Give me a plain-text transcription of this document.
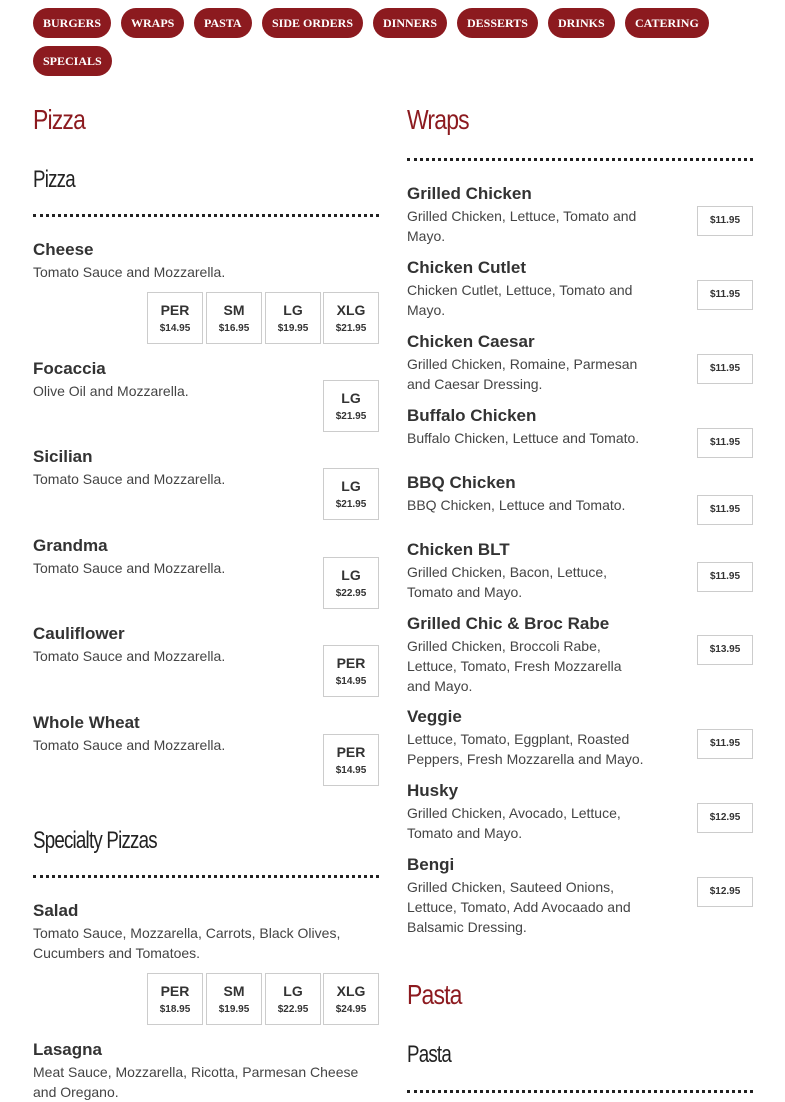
BURGERS	WRAPS	PASTA	SIDE ORDERS	DINNERS	DESSERTS	DRINKS	CATERING
SPECIALS
Pizza
Pizza
Cheese
Tomato Sauce and Mozzarella.
PER
$14.95
SM
$16.95
LG
$19.95
XLG
$21.95
Focaccia
Olive Oil and Mozzarella.	LG
$21.95
Sicilian
Tomato Sauce and Mozzarella.	LG
$21.95
Grandma
Tomato Sauce and Mozzarella.	LG
$22.95
Cauliflower
Tomato Sauce and Mozzarella.	PER
$14.95
Whole Wheat
Tomato Sauce and Mozzarella.	PER
$14.95
Specialty Pizzas
Salad
Tomato Sauce, Mozzarella, Carrots, Black Olives, Cucumbers and Tomatoes.
PER
$18.95
SM
$19.95
LG
$22.95
XLG
$24.95
Lasagna
Meat Sauce, Mozzarella, Ricotta, Parmesan Cheese and Oregano.
Wraps
Grilled Chicken
Grilled Chicken, Lettuce, Tomato and Mayo.
$11.95
Chicken Cutlet
Chicken Cutlet, Lettuce, Tomato and Mayo.
$11.95
Chicken Caesar
Grilled Chicken, Romaine, Parmesan and Caesar Dressing.
$11.95
Buffalo Chicken
Buffalo Chicken, Lettuce and Tomato.	$11.95
BBQ Chicken
BBQ Chicken, Lettuce and Tomato.	$11.95
Chicken BLT
Grilled Chicken, Bacon, Lettuce, Tomato and Mayo.
$11.95
Grilled Chic & Broc Rabe
Grilled Chicken, Broccoli Rabe, Lettuce, Tomato, Fresh Mozzarella and Mayo.
$13.95
Veggie
Lettuce, Tomato, Eggplant, Roasted Peppers, Fresh Mozzarella and Mayo.
$11.95
Husky
Grilled Chicken, Avocado, Lettuce, Tomato and Mayo.
$12.95
Bengi
Grilled Chicken, Sauteed Onions, Lettuce, Tomato, Add Avocaado and Balsamic Dressing.
$12.95
Pasta
Pasta
